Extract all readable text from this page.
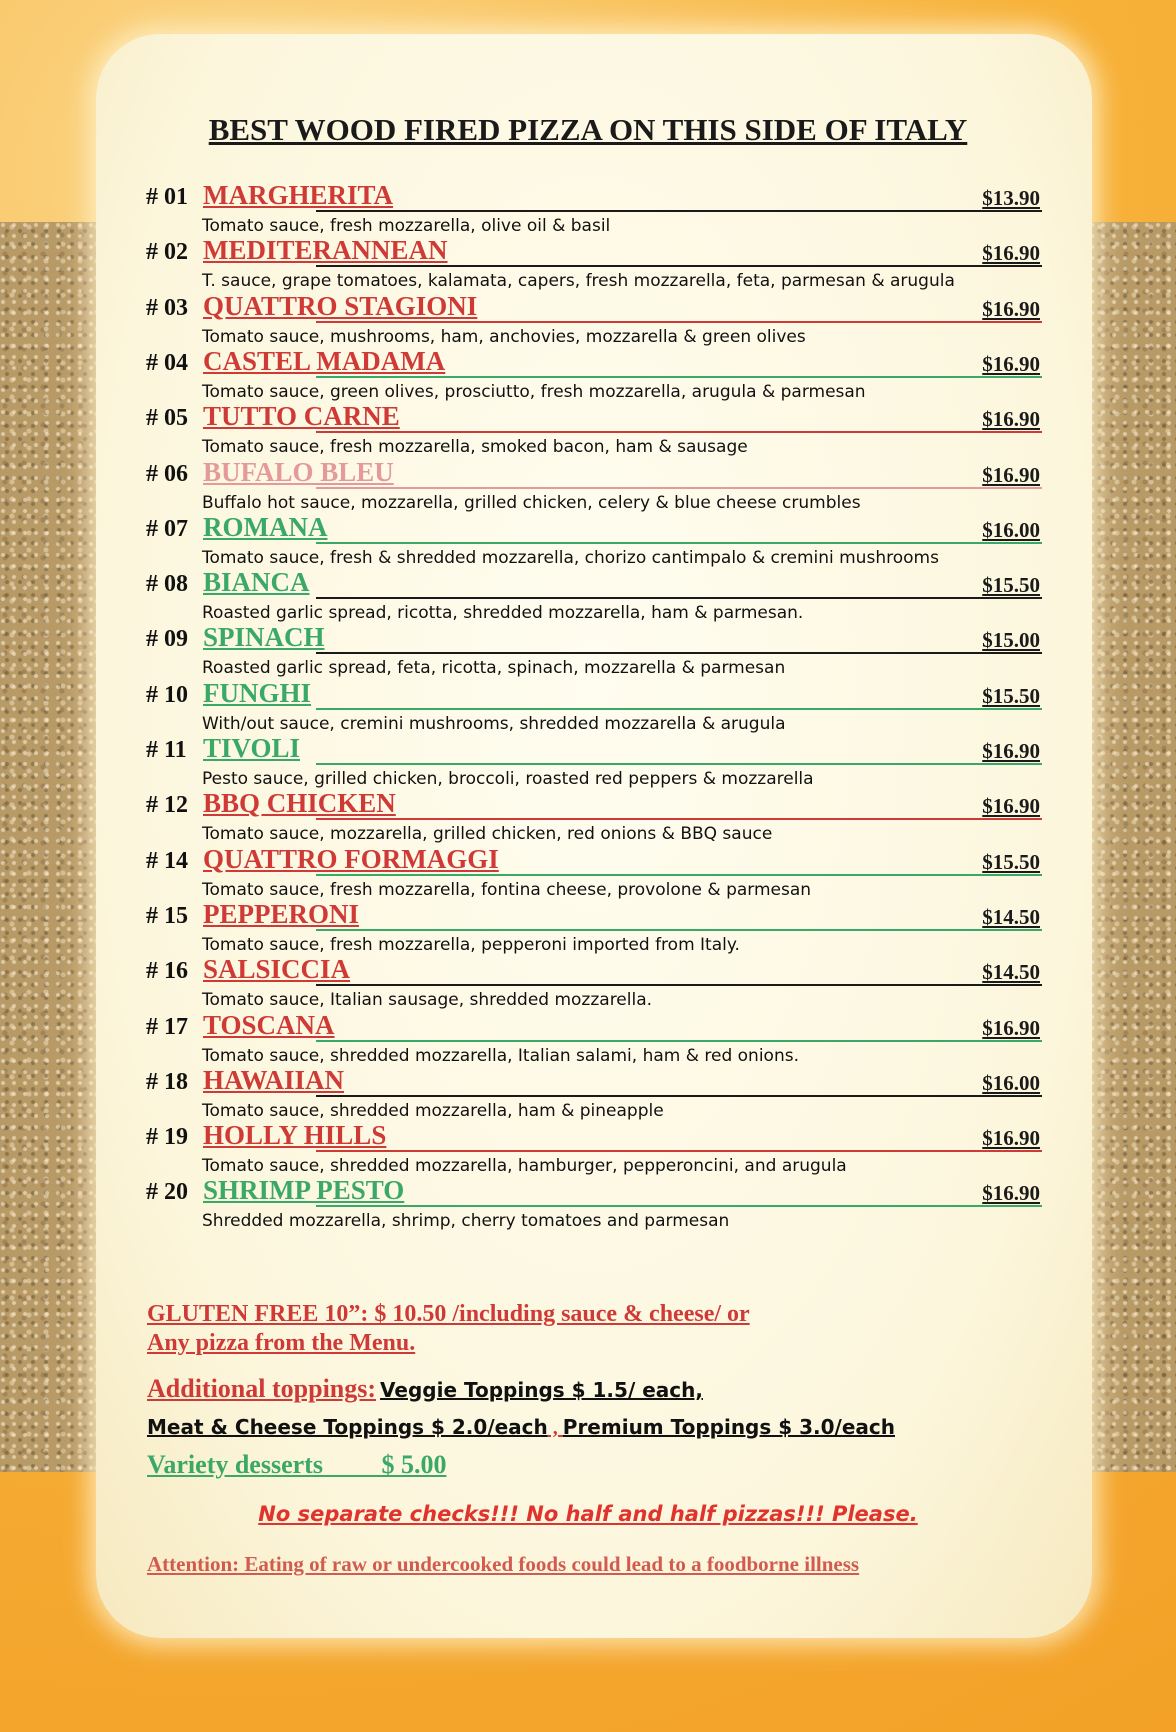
BEST WOOD FIRED PIZZA ON THIS SIDE OF ITALY
# 01 MARGHERITA	$13.90
Tomato sauce, fresh mozzarella, olive oil & basil
# 02 MEDITERANNEAN	$16.90
T. sauce, grape tomatoes, kalamata, capers, fresh mozzarella, feta, parmesan & arugula
# 03 QUATTRO STAGIONI	$16.90
Tomato sauce, mushrooms, ham, anchovies, mozzarella & green olives
# 04 CASTEL MADAMA	$16.90
Tomato sauce, green olives, prosciutto, fresh mozzarella, arugula & parmesan
# 05 TUTTO CARNE	$16.90
Tomato sauce, fresh mozzarella, smoked bacon, ham & sausage
# 06 BUFALO BLEU	$16.90
Buffalo hot sauce, mozzarella, grilled chicken, celery & blue cheese crumbles
# 07 ROMANA	$16.00
Tomato sauce, fresh & shredded mozzarella, chorizo cantimpalo & cremini mushrooms
# 08 BIANCA	$15.50
Roasted garlic spread, ricotta, shredded mozzarella, ham & parmesan.
# 09 SPINACH	$15.00
Roasted garlic spread, feta, ricotta, spinach, mozzarella & parmesan
# 10 FUNGHI	$15.50
With/out sauce, cremini mushrooms, shredded mozzarella & arugula
# 11 TIVOLI	$16.90
Pesto sauce, grilled chicken, broccoli, roasted red peppers & mozzarella
# 12 BBQ CHICKEN	$16.90
Tomato sauce, mozzarella, grilled chicken, red onions & BBQ sauce
# 14 QUATTRO FORMAGGI	$15.50
Tomato sauce, fresh mozzarella, fontina cheese, provolone & parmesan
# 15 PEPPERONI	$14.50
Tomato sauce, fresh mozzarella, pepperoni imported from Italy.
# 16 SALSICCIA	$14.50
Tomato sauce, Italian sausage, shredded mozzarella.
# 17 TOSCANA	$16.90
Tomato sauce, shredded mozzarella, Italian salami, ham & red onions.
# 18 HAWAIIAN	$16.00
Tomato sauce, shredded mozzarella, ham & pineapple
# 19 HOLLY HILLS	$16.90
Tomato sauce, shredded mozzarella, hamburger, pepperoncini, and arugula
# 20 SHRIMP PESTO	$16.90
Shredded mozzarella, shrimp, cherry tomatoes and parmesan
GLUTEN FREE 10”: $ 10.50 /including sauce & cheese/ or
Any pizza from the Menu.
Additional toppings: Veggie Toppings $ 1.5/ each,
Meat & Cheese Toppings $ 2.0/each , Premium Toppings $ 3.0/each
Variety desserts         $ 5.00
No separate checks!!! No half and half pizzas!!! Please.
Attention: Eating of raw or undercooked foods could lead to a foodborne illness
